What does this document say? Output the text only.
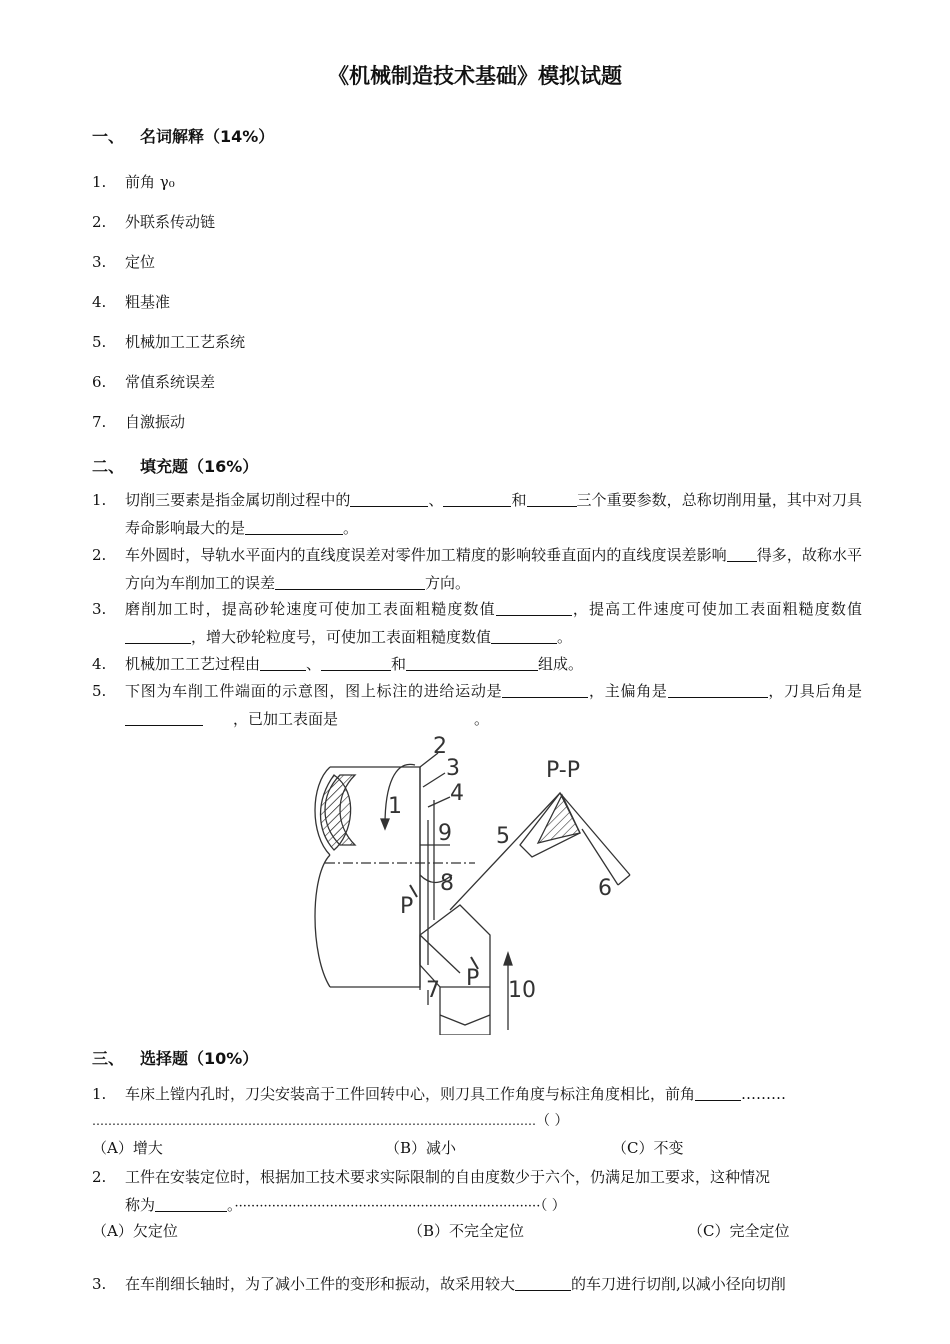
《机械制造技术基础》模拟试题
一、 名词解释（14%）
1. 前角 γ₀
2. 外联系传动链
3. 定位
4. 粗基准
5. 机械加工工艺系统
6. 常值系统误差
7. 自激振动
二、 填充题（16%）
1. 切削三要素是指金属切削过程中的	、	和	三个重要参数，总称切削用量，其中对刀具寿命影响最大的是	。
2. 车外圆时，导轨水平面内的直线度误差对零件加工精度的影响较垂直面内的直线度误差影响 得多，故称水平方向为车削加工的误差	方向。
3. 磨削加工时，提高砂轮速度可使加工表面粗糙度数值	，提高工件速度可使加工表面粗糙度数值，增大砂轮粒度号，可使加工表面粗糙度数值	。
4. 机械加工工艺过程由	、	和	组成。
5. 下图为车削工件端面的示意图，图上标注的进给运动是	，主偏角是	，刀具后角是，已加工表面是	。
1
2
3
4
5
6
7
8
9
10
P
P
P-P
三、 选择题（10%）
1. 车床上镗内孔时，刀尖安装高于工件回转中心，则刀具工作角度与标注角度相比，前角	………
…………………………………………………………………………………………………（ ）
（A）增大	（B）减小	（C）不变
2. 工件在安装定位时，根据加工技术要求实际限制的自由度数少于六个，仍满足加工要求，这种情况
称为	。··········································································（ ）
（A）欠定位	（B）不完全定位	（C）完全定位
3. 在车削细长轴时，为了减小工件的变形和振动，故采用较大	的车刀进行切削,以减小径向切削
